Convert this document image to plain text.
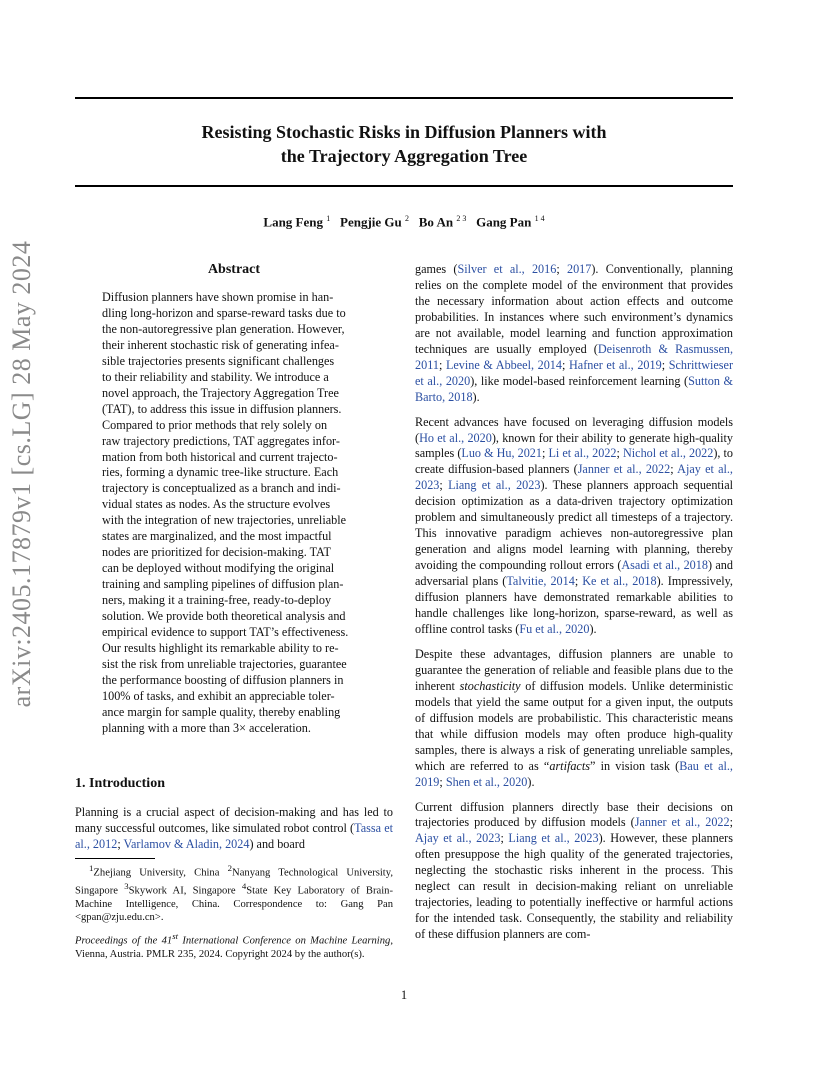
Resisting Stochastic Risks in Diffusion Planners with
the Trajectory Aggregation Tree
Lang Feng $^1$ Pengjie Gu $^2$ Bo An $^{2 3}$ Gang Pan $^{1 4}$
arXiv:2405.17879v1 [cs.LG] 28 May 2024	Abstract
Diffusion planners have shown promise in han-
dling long-horizon and sparse-reward tasks due to
the non-autoregressive plan generation. However,
their inherent stochastic risk of generating infea-
sible trajectories presents significant challenges
to their reliability and stability. We introduce a
novel approach, the Trajectory Aggregation Tree
(TAT), to address this issue in diffusion planners.
Compared to prior methods that rely solely on
raw trajectory predictions, TAT aggregates infor-
mation from both historical and current trajecto-
ries, forming a dynamic tree-like structure. Each
trajectory is conceptualized as a branch and indi-
vidual states as nodes. As the structure evolves
with the integration of new trajectories, unreliable
states are marginalized, and the most impactful
nodes are prioritized for decision-making. TAT
can be deployed without modifying the original
training and sampling pipelines of diffusion plan-
ners, making it a training-free, ready-to-deploy
solution. We provide both theoretical analysis and
empirical evidence to support TAT’s effectiveness.
Our results highlight its remarkable ability to re-
sist the risk from unreliable trajectories, guarantee
the performance boosting of diffusion planners in
100% of tasks, and exhibit an appreciable toler-
ance margin for sample quality, thereby enabling
planning with a more than 3× acceleration.
1. Introduction

Planning is a crucial aspect of decision-making and has led to many successful outcomes, like simulated robot control (Tassa et al., 2012; Varlamov & Aladin, 2024) and board

$^1$Zhejiang University, China $^2$Nanyang Technological University, Singapore $^3$Skywork AI, Singapore $^4$State Key Laboratory of Brain-Machine Intelligence, China. Correspondence to: Gang Pan <gpan@zju.edu.cn>.

Proceedings of the 41st International Conference on Machine Learning, Vienna, Austria. PMLR 235, 2024. Copyright 2024 by the author(s).

games (Silver et al., 2016; 2017). Conventionally, planning relies on the complete model of the environment that provides the necessary information about action effects and outcome probabilities. In instances where such environment’s dynamics are not available, model learning and function approximation techniques are usually employed (Deisenroth & Rasmussen, 2011; Levine & Abbeel, 2014; Hafner et al., 2019; Schrittwieser et al., 2020), like model-based reinforcement learning (Sutton & Barto, 2018).

Recent advances have focused on leveraging diffusion models (Ho et al., 2020), known for their ability to generate high-quality samples (Luo & Hu, 2021; Li et al., 2022; Nichol et al., 2022), to create diffusion-based planners (Janner et al., 2022; Ajay et al., 2023; Liang et al., 2023). These planners approach sequential decision optimization as a data-driven trajectory optimization problem and simultaneously predict all timesteps of a trajectory. This innovative paradigm achieves non-autoregressive plan generation and aligns model learning with planning, thereby avoiding the compounding rollout errors (Asadi et al., 2018) and adversarial plans (Talvitie, 2014; Ke et al., 2018). Impressively, diffusion planners have demonstrated remarkable abilities to handle challenges like long-horizon, sparse-reward, as well as offline control tasks (Fu et al., 2020).

Despite these advantages, diffusion planners are unable to guarantee the generation of reliable and feasible plans due to the inherent stochasticity of diffusion models. Unlike deterministic models that yield the same output for a given input, the outputs of diffusion models are probabilistic. This characteristic means that while diffusion models may often produce high-quality samples, there is always a risk of generating unreliable samples, which are referred to as “artifacts” in vision task (Bau et al., 2019; Shen et al., 2020).

Current diffusion planners directly base their decisions on trajectories produced by diffusion models (Janner et al., 2022; Ajay et al., 2023; Liang et al., 2023). However, these planners often presuppose the high quality of the generated trajectories, neglecting the stochastic risks inherent in the process. This neglect can result in decision-making reliant on unreliable trajectories, leading to potentially ineffective or harmful actions for the intended task. Consequently, the stability and reliability of these diffusion planners are com-

1
